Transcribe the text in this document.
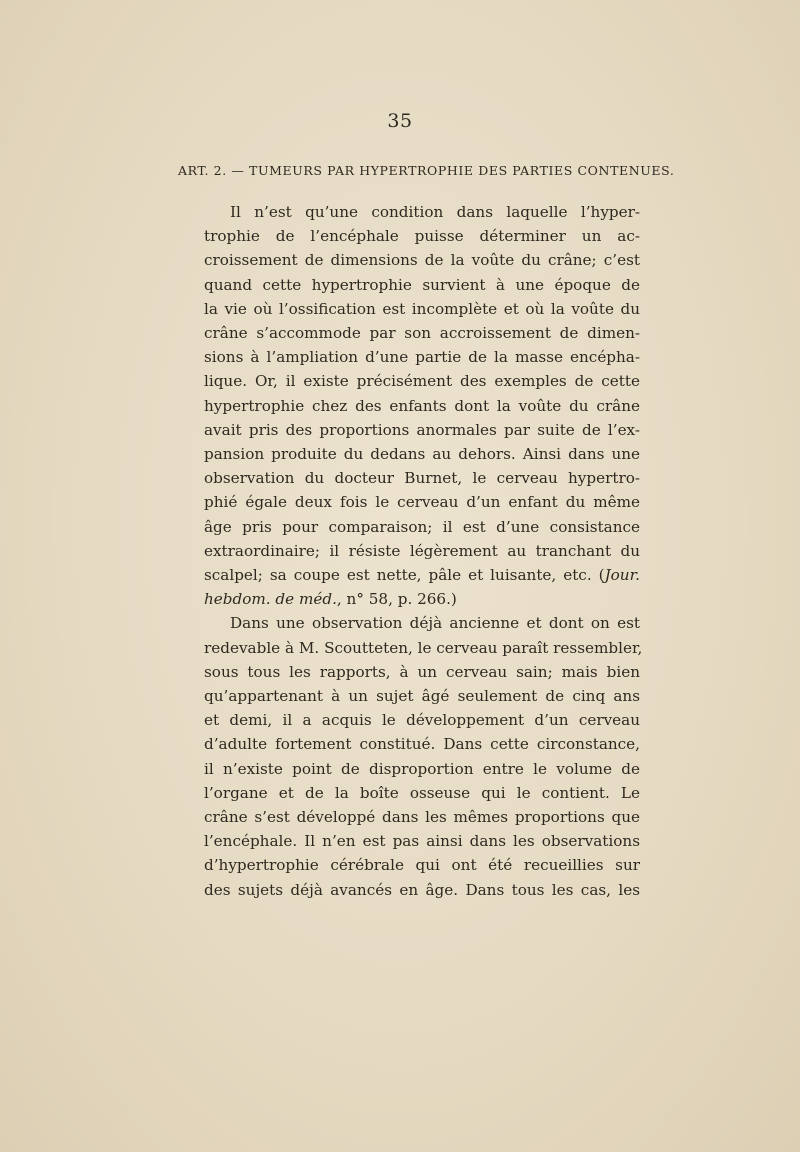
35
ART. 2. — TUMEURS PAR HYPERTROPHIE DES PARTIES CONTENUES.
Il n’est qu’une condition dans laquelle l’hyper-
trophie de l’encéphale puisse déterminer un ac-
croissement de dimensions de la voûte du crâne; c’est
quand cette hypertrophie survient à une époque de
la vie où l’ossification est incomplète et où la voûte du
crâne s’accommode par son accroissement de dimen-
sions à l’ampliation d’une partie de la masse encépha-
lique. Or, il existe précisément des exemples de cette
hypertrophie chez des enfants dont la voûte du crâne
avait pris des proportions anormales par suite de l’ex-
pansion produite du dedans au dehors. Ainsi dans une
observation du docteur Burnet, le cerveau hypertro-
phié égale deux fois le cerveau d’un enfant du même
âge pris pour comparaison; il est d’une consistance
extraordinaire; il résiste légèrement au tranchant du
scalpel; sa coupe est nette, pâle et luisante, etc. (Jour.
hebdom. de méd., n° 58, p. 266.)
Dans une observation déjà ancienne et dont on est
redevable à M. Scoutteten, le cerveau paraît ressembler,
sous tous les rapports, à un cerveau sain; mais bien
qu’appartenant à un sujet âgé seulement de cinq ans
et demi, il a acquis le développement d’un cerveau
d’adulte fortement constitué. Dans cette circonstance,
il n’existe point de disproportion entre le volume de
l’organe et de la boîte osseuse qui le contient. Le
crâne s’est développé dans les mêmes proportions que
l’encéphale. Il n’en est pas ainsi dans les observations
d’hypertrophie cérébrale qui ont été recueillies sur
des sujets déjà avancés en âge. Dans tous les cas, les
